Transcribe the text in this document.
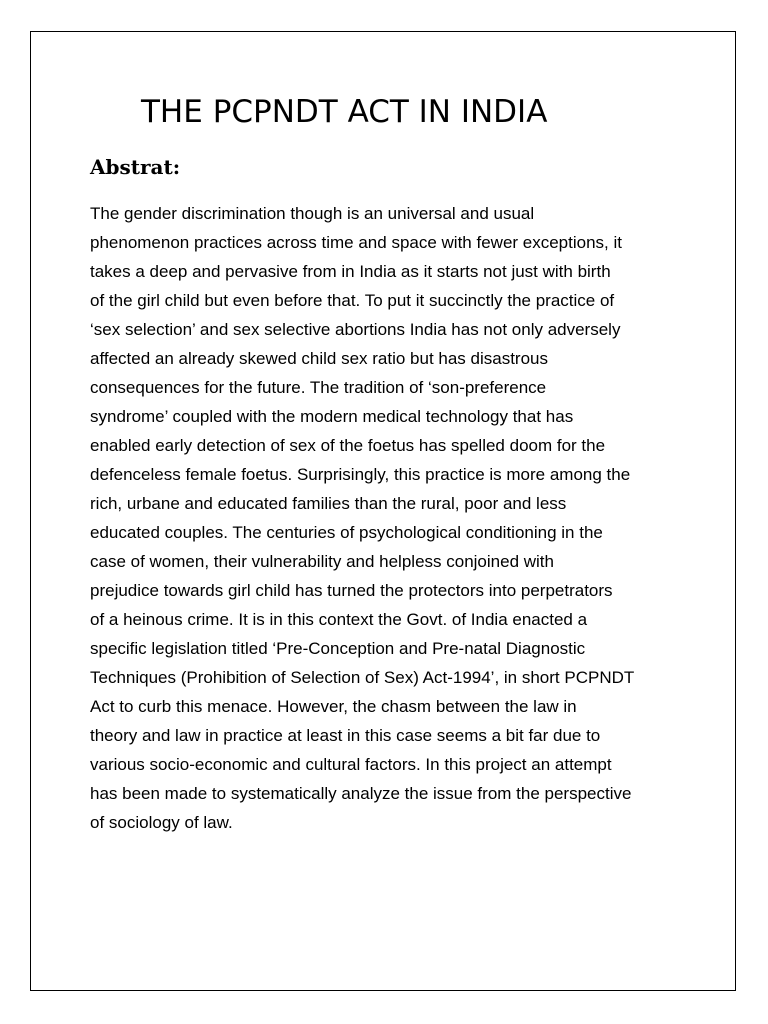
THE PCPNDT ACT IN INDIA
Abstrat:
The gender discrimination though is an universal and usual
phenomenon practices across time and space with fewer exceptions, it
takes a deep and pervasive from in India as it starts not just with birth
of the girl child but even before that. To put it succinctly the practice of
‘sex selection’ and sex selective abortions India has not only adversely
affected an already skewed child sex ratio but has disastrous
consequences for the future. The tradition of ‘son-preference
syndrome’ coupled with the modern medical technology that has
enabled early detection of sex of the foetus has spelled doom for the
defenceless female foetus. Surprisingly, this practice is more among the
rich, urbane and educated families than the rural, poor and less
educated couples. The centuries of psychological conditioning in the
case of women, their vulnerability and helpless conjoined with
prejudice towards girl child has turned the protectors into perpetrators
of a heinous crime. It is in this context the Govt. of India enacted a
specific legislation titled ‘Pre-Conception and Pre-natal Diagnostic
Techniques (Prohibition of Selection of Sex) Act-1994’, in short PCPNDT
Act to curb this menace. However, the chasm between the law in
theory and law in practice at least in this case seems a bit far due to
various socio-economic and cultural factors. In this project an attempt
has been made to systematically analyze the issue from the perspective
of sociology of law.
